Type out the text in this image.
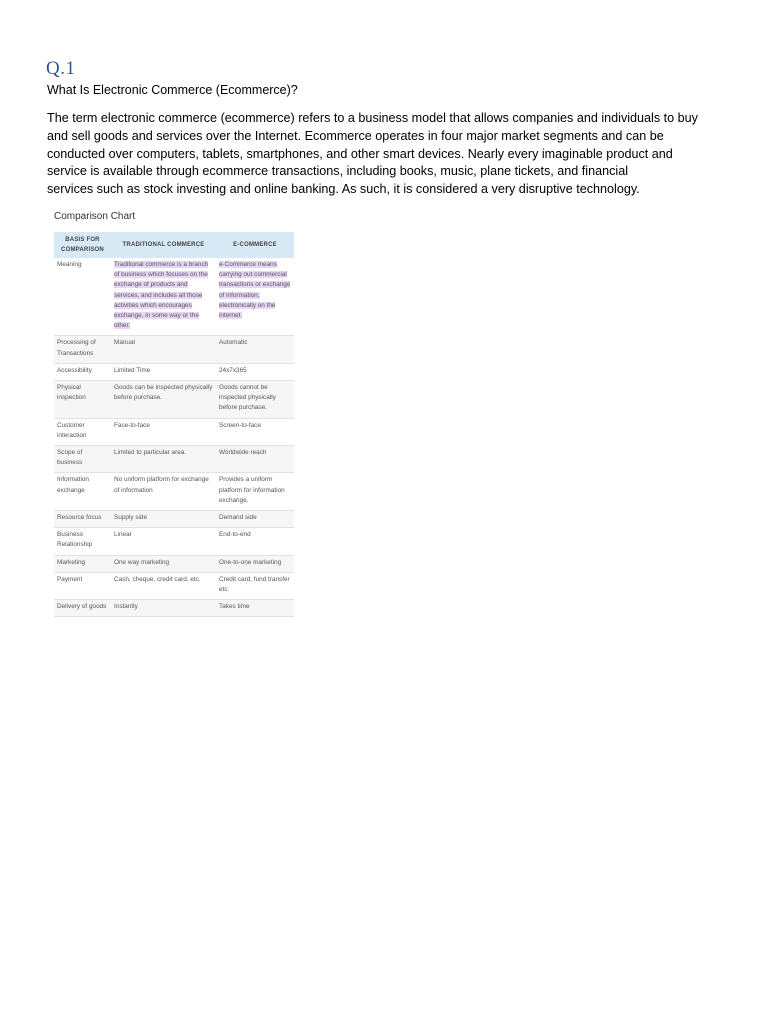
Q.1
What Is Electronic Commerce (Ecommerce)?
The term electronic commerce (ecommerce) refers to a business model that allows companies and individuals to buy
and sell goods and services over the Internet. Ecommerce operates in four major market segments and can be
conducted over computers, tablets, smartphones, and other smart devices. Nearly every imaginable product and
service is available through ecommerce transactions, including books, music, plane tickets, and financial
services such as stock investing and online banking. As such, it is considered a very disruptive technology.
Comparison Chart
BASIS FOR COMPARISON	TRADITIONAL COMMERCE	E-COMMERCE
Meaning	Traditional commerce is a branch of business which focuses on the exchange of products and services, and includes all those activities which encourages exchange, in some way or the other.	e-Commerce means carrying out commercial transactions or exchange of information, electronically on the internet.
Processing of Transactions	Manual	Automatic
Accessibility	Limited Time	24x7x365
Physical inspection	Goods can be inspected physically before purchase.	Goods cannot be inspected physically before purchase.
Customer interaction	Face-to-face	Screen-to-face
Scope of business	Limited to particular area.	Worldwide reach
Information exchange	No uniform platform for exchange of information	Provides a uniform platform for information exchange.
Resource focus	Supply side	Demand side
Business Relationship	Linear	End-to-end
Marketing	One way marketing	One-to-one marketing
Payment	Cash, cheque, credit card, etc.	Credit card, fund transfer etc.
Delivery of goods	Instantly	Takes time
